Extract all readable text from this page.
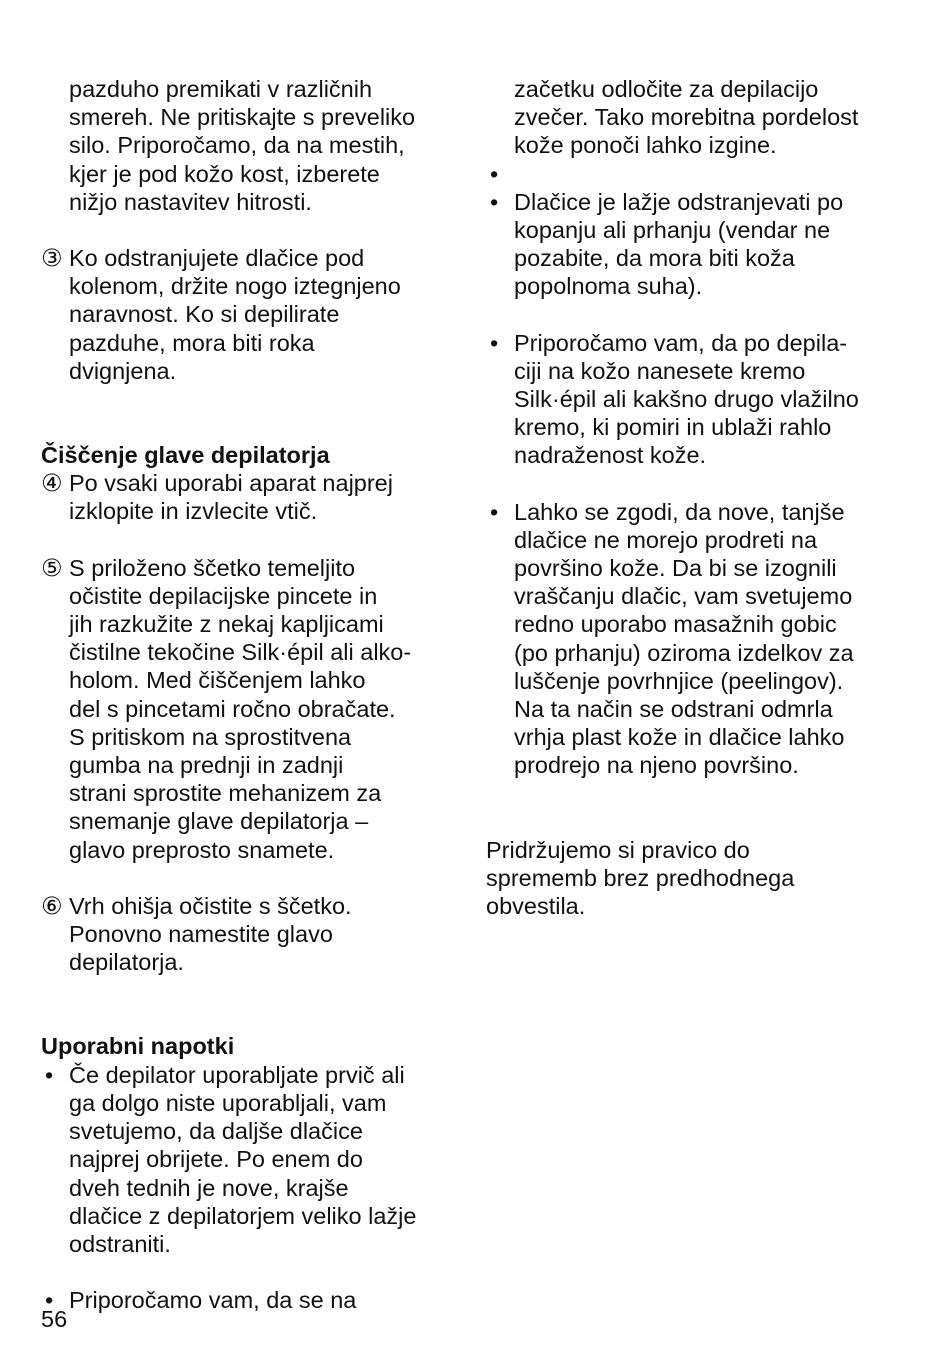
pazduho premikati v različnih
smereh. Ne pritiskajte s preveliko
silo. Priporočamo, da na mestih,
kjer je pod kožo kost, izberete
nižjo nastavitev hitrosti.
③ Ko odstranjujete dlačice pod
kolenom, držite nogo iztegnjeno
naravnost. Ko si depilirate
pazduhe, mora biti roka
dvignjena.
Čiščenje glave depilatorja
④ Po vsaki uporabi aparat najprej
izklopite in izvlecite vtič.
⑤ S priloženo ščetko temeljito
očistite depilacijske pincete in
jih razkužite z nekaj kapljicami
čistilne tekočine Silk·épil ali alko-
holom. Med čiščenjem lahko
del s pincetami ročno obračate.
S pritiskom na sprostitvena
gumba na prednji in zadnji
strani sprostite mehanizem za
snemanje glave depilatorja –
glavo preprosto snamete.
⑥ Vrh ohišja očistite s ščetko.
Ponovno namestite glavo
depilatorja.
Uporabni napotki
• Če depilator uporabljate prvič ali
ga dolgo niste uporabljali, vam
svetujemo, da daljše dlačice
najprej obrijete. Po enem do
dveh tednih je nove, krajše
dlačice z depilatorjem veliko lažje
odstraniti.
• Priporočamo vam, da se na
začetku odločite za depilacijo
zvečer. Tako morebitna pordelost
kože ponoči lahko izgine.
•

• Dlačice je lažje odstranjevati po
kopanju ali prhanju (vendar ne
pozabite, da mora biti koža
popolnoma suha).
• Priporočamo vam, da po depila-
ciji na kožo nanesete kremo
Silk·épil ali kakšno drugo vlažilno
kremo, ki pomiri in ublaži rahlo
nadraženost kože.
• Lahko se zgodi, da nove, tanjše
dlačice ne morejo prodreti na
površino kože. Da bi se izognili
vraščanju dlačic, vam svetujemo
redno uporabo masažnih gobic
(po prhanju) oziroma izdelkov za
luščenje povrhnjice (peelingov).
Na ta način se odstrani odmrla
vrhja plast kože in dlačice lahko
prodrejo na njeno površino.
Pridržujemo si pravico do
sprememb brez predhodnega
obvestila.
56
